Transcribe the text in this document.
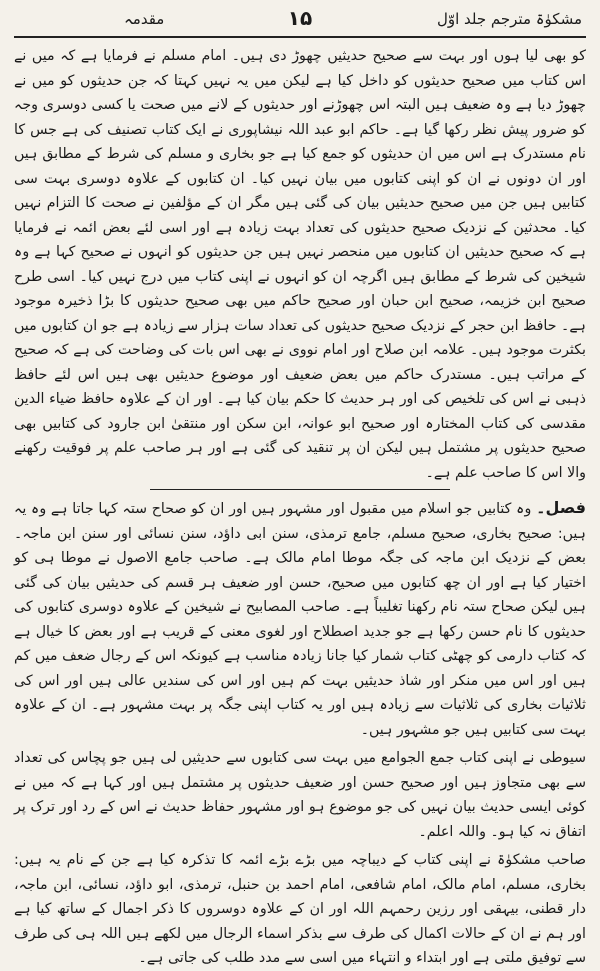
مشکوٰۃ مترجم جلد اوّل
۱۵
مقدمہ

کو بھی لیا ہوں اور بہت سے صحیح حدیثیں چھوڑ دی ہیں۔ امام مسلم نے فرمایا ہے کہ میں نے اس کتاب میں صحیح حدیثوں کو داخل کیا ہے لیکن میں یہ نہیں کہتا کہ جن حدیثوں کو میں نے چھوڑ دیا ہے وہ ضعیف ہیں البتہ اس چھوڑنے اور حدیثوں کے لانے میں صحت یا کسی دوسری وجہ کو ضرور پیش نظر رکھا گیا ہے۔ حاکم ابو عبد اللہ نیشاپوری نے ایک کتاب تصنیف کی ہے جس کا نام مستدرک ہے اس میں ان حدیثوں کو جمع کیا ہے جو بخاری و مسلم کی شرط کے مطابق ہیں اور ان دونوں نے ان کو اپنی کتابوں میں بیان نہیں کیا۔ ان کتابوں کے علاوہ دوسری بہت سی کتابیں ہیں جن میں صحیح حدیثیں بیان کی گئی ہیں مگر ان کے مؤلفین نے صحت کا التزام نہیں کیا۔ محدثین کے نزدیک صحیح حدیثوں کی تعداد بہت زیادہ ہے اور اسی لئے بعض ائمہ نے فرمایا ہے کہ صحیح حدیثیں ان کتابوں میں منحصر نہیں ہیں جن حدیثوں کو انہوں نے صحیح کہا ہے وہ شیخین کی شرط کے مطابق ہیں اگرچہ ان کو انہوں نے اپنی کتاب میں درج نہیں کیا۔ اسی طرح صحیح ابن خزیمہ، صحیح ابن حبان اور صحیح حاکم میں بھی صحیح حدیثوں کا بڑا ذخیرہ موجود ہے۔ حافظ ابن حجر کے نزدیک صحیح حدیثوں کی تعداد سات ہزار سے زیادہ ہے جو ان کتابوں میں بکثرت موجود ہیں۔ علامہ ابن صلاح اور امام نووی نے بھی اس بات کی وضاحت کی ہے کہ صحیح کے مراتب ہیں۔ مستدرک حاکم میں بعض ضعیف اور موضوع حدیثیں بھی ہیں اس لئے حافظ ذہبی نے اس کی تلخیص کی اور ہر حدیث کا حکم بیان کیا ہے۔ اور ان کے علاوہ حافظ ضیاء الدین مقدسی کی کتاب المختارہ اور صحیح ابو عوانہ، ابن سکن اور منتقیٰ ابن جارود کی کتابیں بھی صحیح حدیثوں پر مشتمل ہیں لیکن ان پر تنقید کی گئی ہے اور ہر صاحب علم پر فوقیت رکھنے والا اس کا صاحب علم ہے۔

فصل۔ وہ کتابیں جو اسلام میں مقبول اور مشہور ہیں اور ان کو صحاح ستہ کہا جاتا ہے وہ یہ ہیں: صحیح بخاری، صحیح مسلم، جامع ترمذی، سنن ابی داؤد، سنن نسائی اور سنن ابن ماجہ۔ بعض کے نزدیک ابن ماجہ کی جگہ موطا امام مالک ہے۔ صاحب جامع الاصول نے موطا ہی کو اختیار کیا ہے اور ان چھ کتابوں میں صحیح، حسن اور ضعیف ہر قسم کی حدیثیں بیان کی گئی ہیں لیکن صحاح ستہ نام رکھنا تغلیباً ہے۔ صاحب المصابیح نے شیخین کے علاوہ دوسری کتابوں کی حدیثوں کا نام حسن رکھا ہے جو جدید اصطلاح اور لغوی معنی کے قریب ہے اور بعض کا خیال ہے کہ کتاب دارمی کو چھٹی کتاب شمار کیا جانا زیادہ مناسب ہے کیونکہ اس کے رجال ضعف میں کم ہیں اور اس میں منکر اور شاذ حدیثیں بہت کم ہیں اور اس کی سندیں عالی ہیں اور اس کی ثلاثیات بخاری کی ثلاثیات سے زیادہ ہیں اور یہ کتاب اپنی جگہ پر بہت مشہور ہے۔ ان کے علاوہ بہت سی کتابیں ہیں جو مشہور ہیں۔

سیوطی نے اپنی کتاب جمع الجوامع میں بہت سی کتابوں سے حدیثیں لی ہیں جو پچاس کی تعداد سے بھی متجاوز ہیں اور صحیح حسن اور ضعیف حدیثوں پر مشتمل ہیں اور کہا ہے کہ میں نے کوئی ایسی حدیث بیان نہیں کی جو موضوع ہو اور مشہور حفاظ حدیث نے اس کے رد اور ترک پر اتفاق نہ کیا ہو۔ واللہ اعلم۔

صاحب مشکوٰۃ نے اپنی کتاب کے دیباچہ میں بڑے بڑے ائمہ کا تذکرہ کیا ہے جن کے نام یہ ہیں: بخاری، مسلم، امام مالک، امام شافعی، امام احمد بن حنبل، ترمذی، ابو داؤد، نسائی، ابن ماجہ، دار قطنی، بیہقی اور رزین رحمہم اللہ اور ان کے علاوہ دوسروں کا ذکر اجمال کے ساتھ کیا ہے اور ہم نے ان کے حالات اکمال کی طرف سے بذکر اسماء الرجال میں لکھے ہیں اللہ ہی کی طرف سے توفیق ملتی ہے اور ابتداء و انتہاء میں اسی سے مدد طلب کی جاتی ہے۔
